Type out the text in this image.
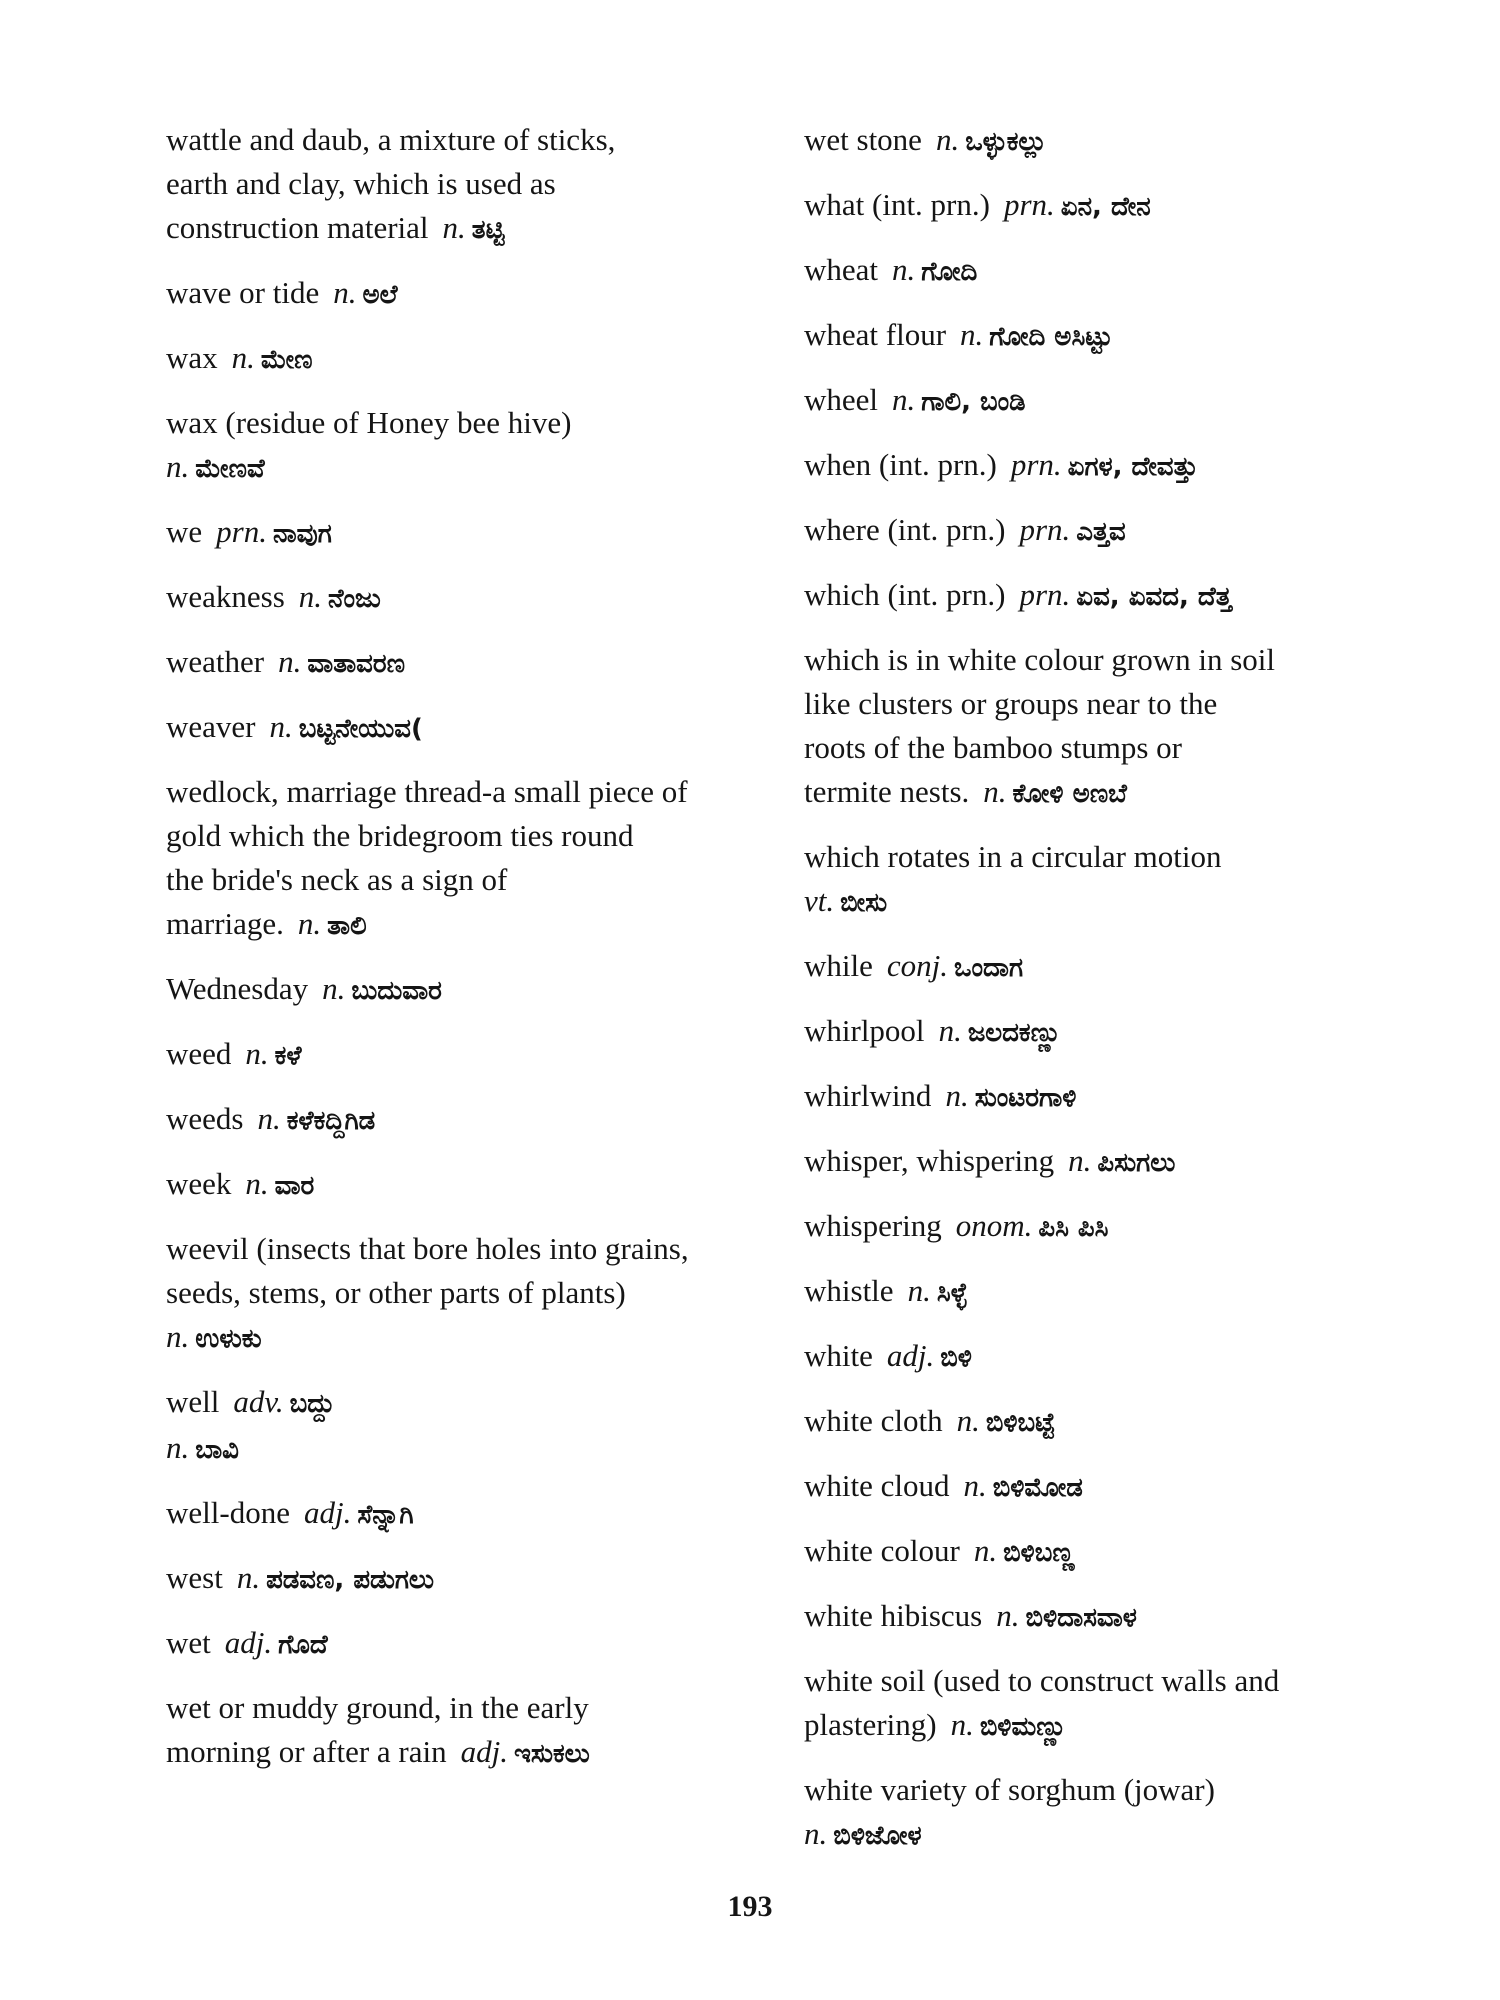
wattle and daub, a mixture of sticks,
earth and clay, which is used as
construction material n. ತಟ್ಟಿ
wave or tide n. ಅಲೆ
wax n. ಮೇಣ
wax (residue of Honey bee hive)
n. ಮೇಣವೆ
we prn. ನಾವುಗ
weakness n. ನೆಂಜು
weather n. ವಾತಾವರಣ
weaver n. ಬಟ್ಟನೇಯುವ(
wedlock, marriage thread-a small piece of
gold which the bridegroom ties round
the bride's neck as a sign of
marriage. n. ತಾಲಿ
Wednesday n. ಬುದುವಾರ
weed n. ಕಳೆ
weeds n. ಕಳೆಕದ್ದಿಗಿಡ
week n. ವಾರ
weevil (insects that bore holes into grains,
seeds, stems, or other parts of plants)
n. ಉಳುಕು
well adv. ಬದ್ದು
n. ಬಾವಿ
well-done adj. ಸೆನ್ನಾಗಿ
west n. ಪಡವಣ, ಪಡುಗಲು
wet adj. ಗೊದೆ
wet or muddy ground, in the early
morning or after a rain adj. ಇಸುಕಲು
wet stone n. ಒಳ್ಳುಕಲ್ಲು
what (int. prn.) prn. ಏನ, ದೇನ
wheat n. ಗೋದಿ
wheat flour n. ಗೋದಿ ಅಸಿಟ್ಟು
wheel n. ಗಾಲಿ, ಬಂಡಿ
when (int. prn.) prn. ಏಗಳ, ದೇವತ್ತು
where (int. prn.) prn. ಎತ್ತವ
which (int. prn.) prn. ಏವ, ಏವದ, ದೆತ್ತ
which is in white colour grown in soil
like clusters or groups near to the
roots of the bamboo stumps or
termite nests. n. ಕೋಳಿ ಅಣಬೆ
which rotates in a circular motion
vt. ಬೀಸು
while conj. ಒಂದಾಗ
whirlpool n. ಜಲದಕಣ್ಣು
whirlwind n. ಸುಂಟರಗಾಳಿ
whisper, whispering n. ಪಿಸುಗಲು
whispering onom. ಪಿಸಿ ಪಿಸಿ
whistle n. ಸಿಳ್ಳೆ
white adj. ಬಿಳಿ
white cloth n. ಬಿಳಿಬಟ್ಟೆ
white cloud n. ಬಿಳಿಮೋಡ
white colour n. ಬಿಳಿಬಣ್ಣ
white hibiscus n. ಬಿಳಿದಾಸವಾಳ
white soil (used to construct walls and
plastering) n. ಬಿಳಿಮಣ್ಣು
white variety of sorghum (jowar)
n. ಬಿಳಿಜೋಳ
193
